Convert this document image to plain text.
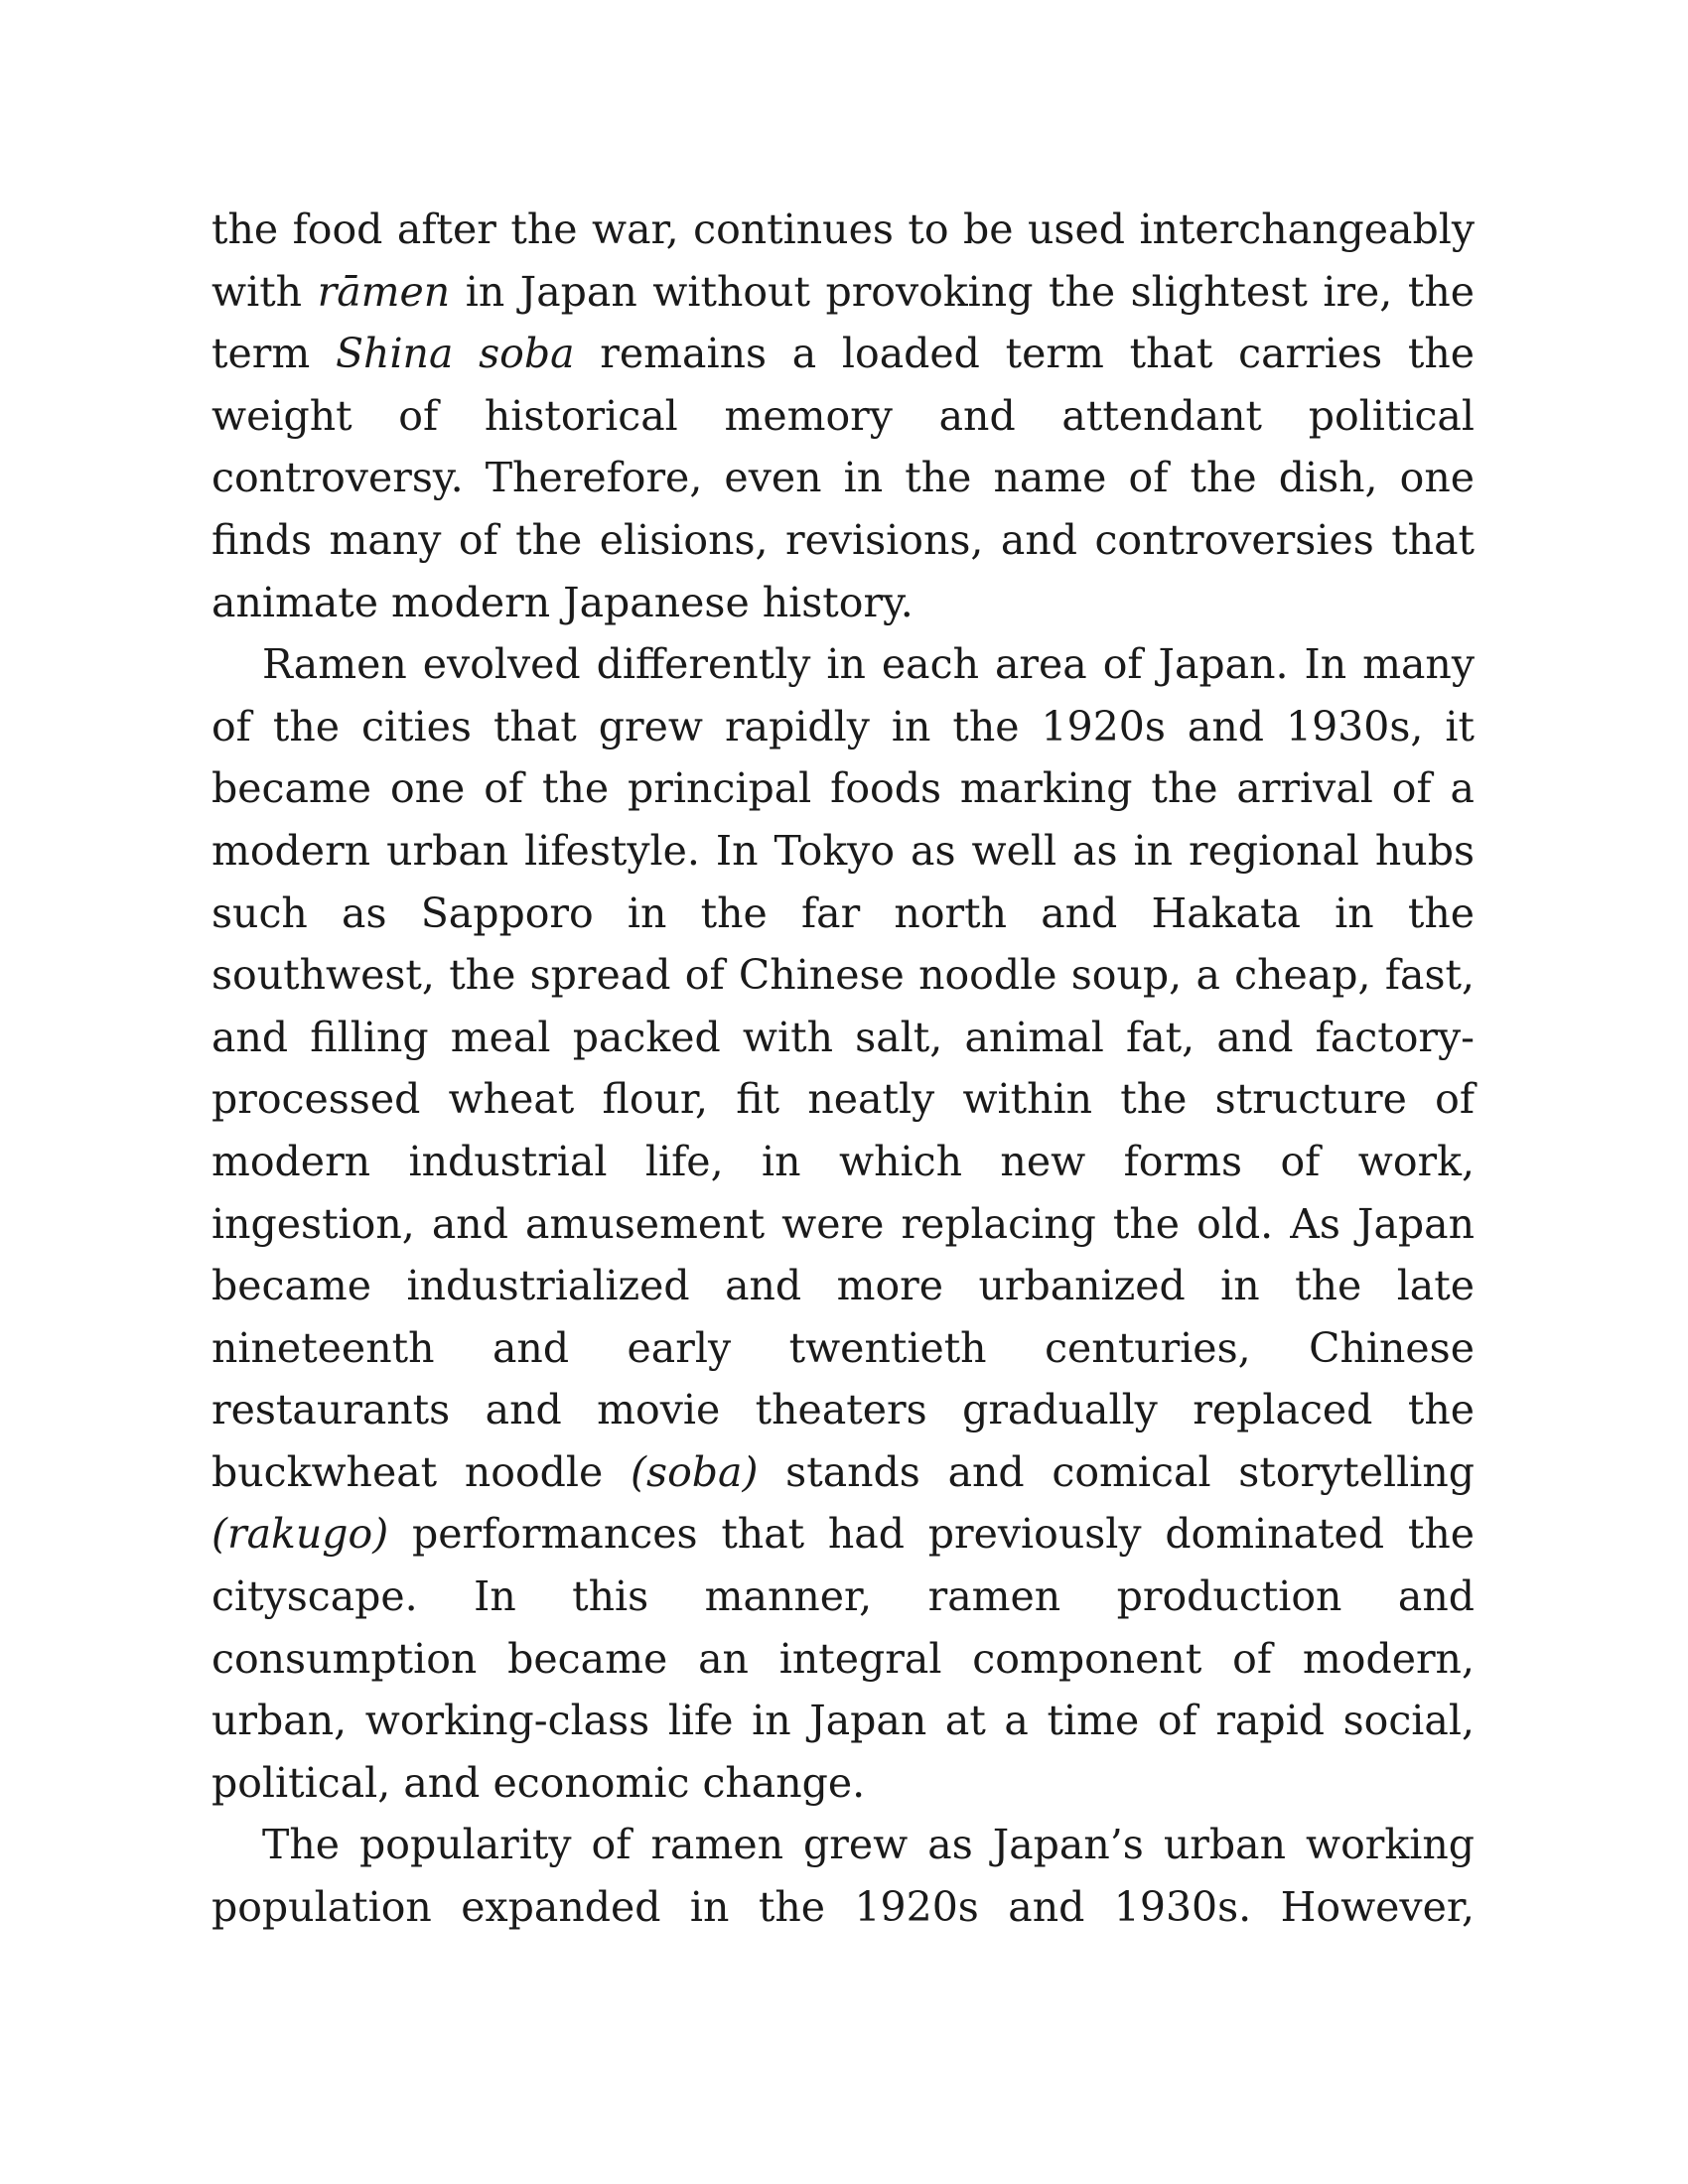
the food after the war, continues to be used interchangeably with rāmen in Japan without provoking the slightest ire, the term Shina soba remains a loaded term that carries the weight of historical memory and attendant political controversy. Therefore, even in the name of the dish, one finds many of the elisions, revisions, and controversies that animate modern Japanese history.

Ramen evolved differently in each area of Japan. In many of the cities that grew rapidly in the 1920s and 1930s, it became one of the principal foods marking the arrival of a modern urban lifestyle. In Tokyo as well as in regional hubs such as Sapporo in the far north and Hakata in the southwest, the spread of Chinese noodle soup, a cheap, fast, and filling meal packed with salt, animal fat, and factory-processed wheat flour, fit neatly within the structure of modern industrial life, in which new forms of work, ingestion, and amusement were replacing the old. As Japan became industrialized and more urbanized in the late nineteenth and early twentieth centuries, Chinese restaurants and movie theaters gradually replaced the buckwheat noodle (soba) stands and comical storytelling (rakugo) performances that had previously dominated the cityscape. In this manner, ramen production and consumption became an integral component of modern, urban, working-class life in Japan at a time of rapid social, political, and economic change.

The popularity of ramen grew as Japan’s urban working population expanded in the 1920s and 1930s. However,
